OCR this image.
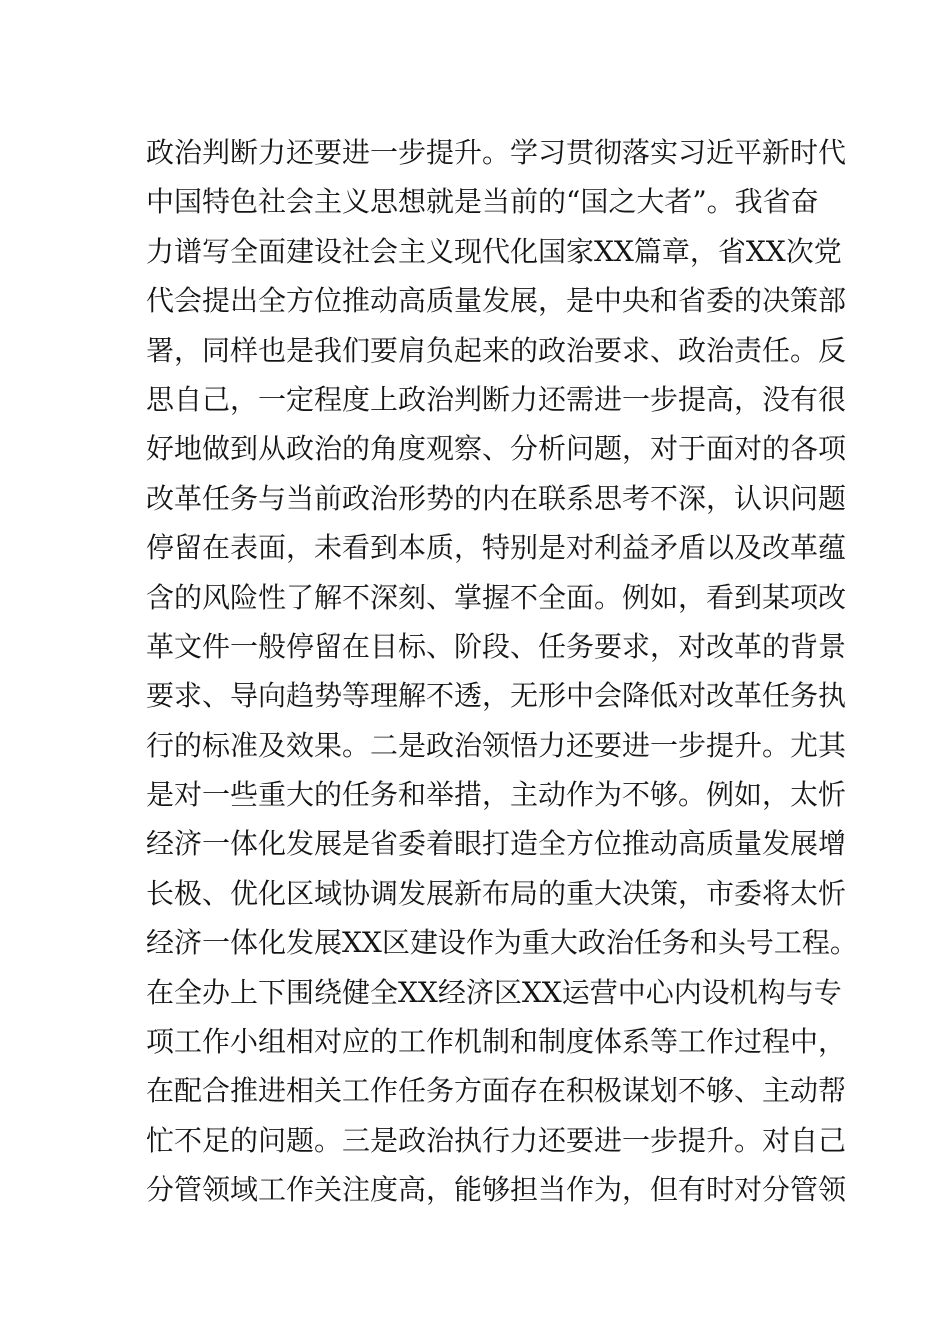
政治判断力还要进一步提升。学习贯彻落实习近平新时代
中国特色社会主义思想就是当前的“国之大者”。我省奋
力谱写全面建设社会主义现代化国家XX篇章，省XX次党
代会提出全方位推动高质量发展，是中央和省委的决策部
署，同样也是我们要肩负起来的政治要求、政治责任。反
思自己，一定程度上政治判断力还需进一步提高，没有很
好地做到从政治的角度观察、分析问题，对于面对的各项
改革任务与当前政治形势的内在联系思考不深，认识问题
停留在表面，未看到本质，特别是对利益矛盾以及改革蕴
含的风险性了解不深刻、掌握不全面。例如，看到某项改
革文件一般停留在目标、阶段、任务要求，对改革的背景
要求、导向趋势等理解不透，无形中会降低对改革任务执
行的标准及效果。二是政治领悟力还要进一步提升。尤其
是对一些重大的任务和举措，主动作为不够。例如，太忻
经济一体化发展是省委着眼打造全方位推动高质量发展增
长极、优化区域协调发展新布局的重大决策，市委将太忻
经济一体化发展XX区建设作为重大政治任务和头号工程。
在全办上下围绕健全XX经济区XX运营中心内设机构与专
项工作小组相对应的工作机制和制度体系等工作过程中，
在配合推进相关工作任务方面存在积极谋划不够、主动帮
忙不足的问题。三是政治执行力还要进一步提升。对自己
分管领域工作关注度高，能够担当作为，但有时对分管领
